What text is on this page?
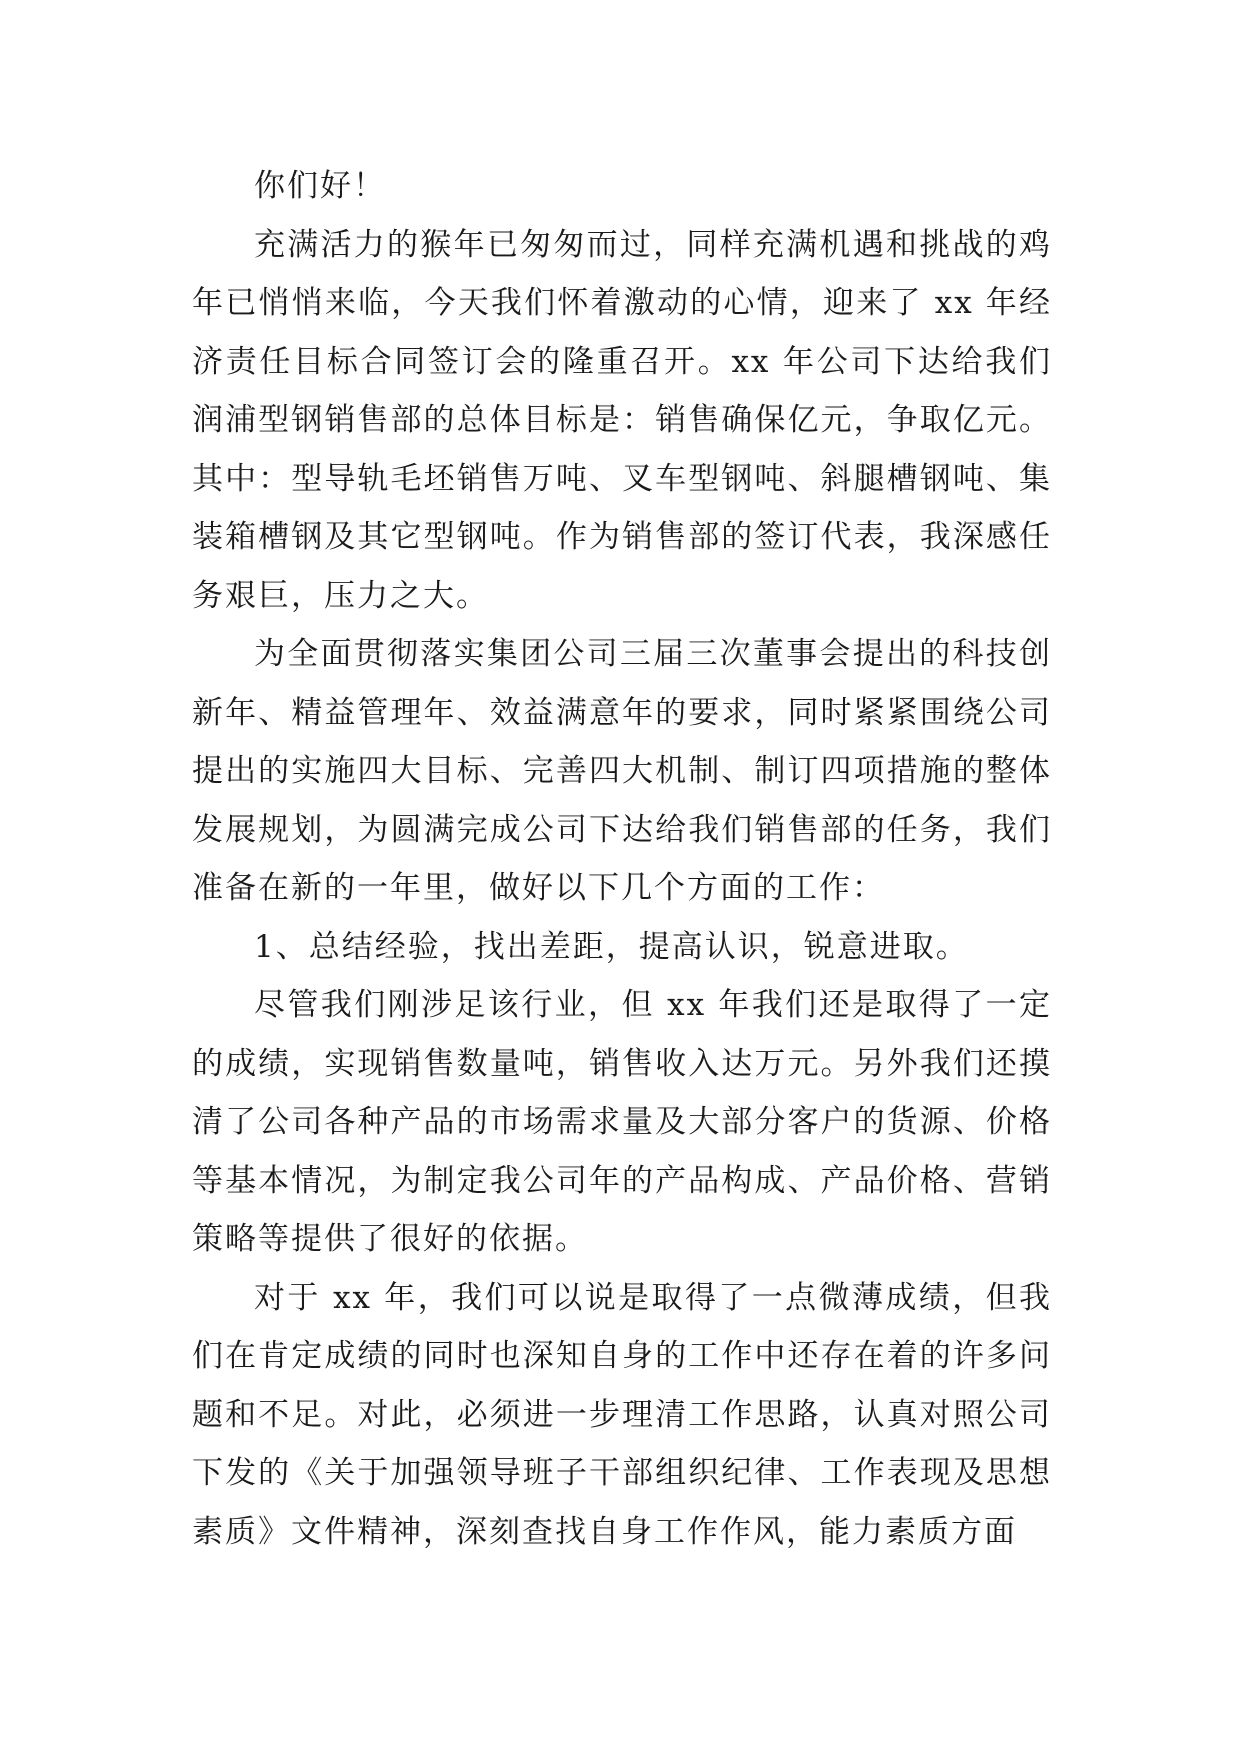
你们好！

充满活力的猴年已匆匆而过，同样充满机遇和挑战的鸡年已悄悄来临，今天我们怀着激动的心情，迎来了 xx 年经济责任目标合同签订会的隆重召开。xx 年公司下达给我们润浦型钢销售部的总体目标是：销售确保亿元，争取亿元。其中：型导轨毛坯销售万吨、叉车型钢吨、斜腿槽钢吨、集装箱槽钢及其它型钢吨。作为销售部的签订代表，我深感任务艰巨，压力之大。

为全面贯彻落实集团公司三届三次董事会提出的科技创新年、精益管理年、效益满意年的要求，同时紧紧围绕公司提出的实施四大目标、完善四大机制、制订四项措施的整体发展规划，为圆满完成公司下达给我们销售部的任务，我们准备在新的一年里，做好以下几个方面的工作：

1、总结经验，找出差距，提高认识，锐意进取。

尽管我们刚涉足该行业，但 xx 年我们还是取得了一定的成绩，实现销售数量吨，销售收入达万元。另外我们还摸清了公司各种产品的市场需求量及大部分客户的货源、价格等基本情况，为制定我公司年的产品构成、产品价格、营销策略等提供了很好的依据。

对于 xx 年，我们可以说是取得了一点微薄成绩，但我们在肯定成绩的同时也深知自身的工作中还存在着的许多问题和不足。对此，必须进一步理清工作思路，认真对照公司下发的《关于加强领导班子干部组织纪律、工作表现及思想素质》文件精神，深刻查找自身工作作风，能力素质方面
